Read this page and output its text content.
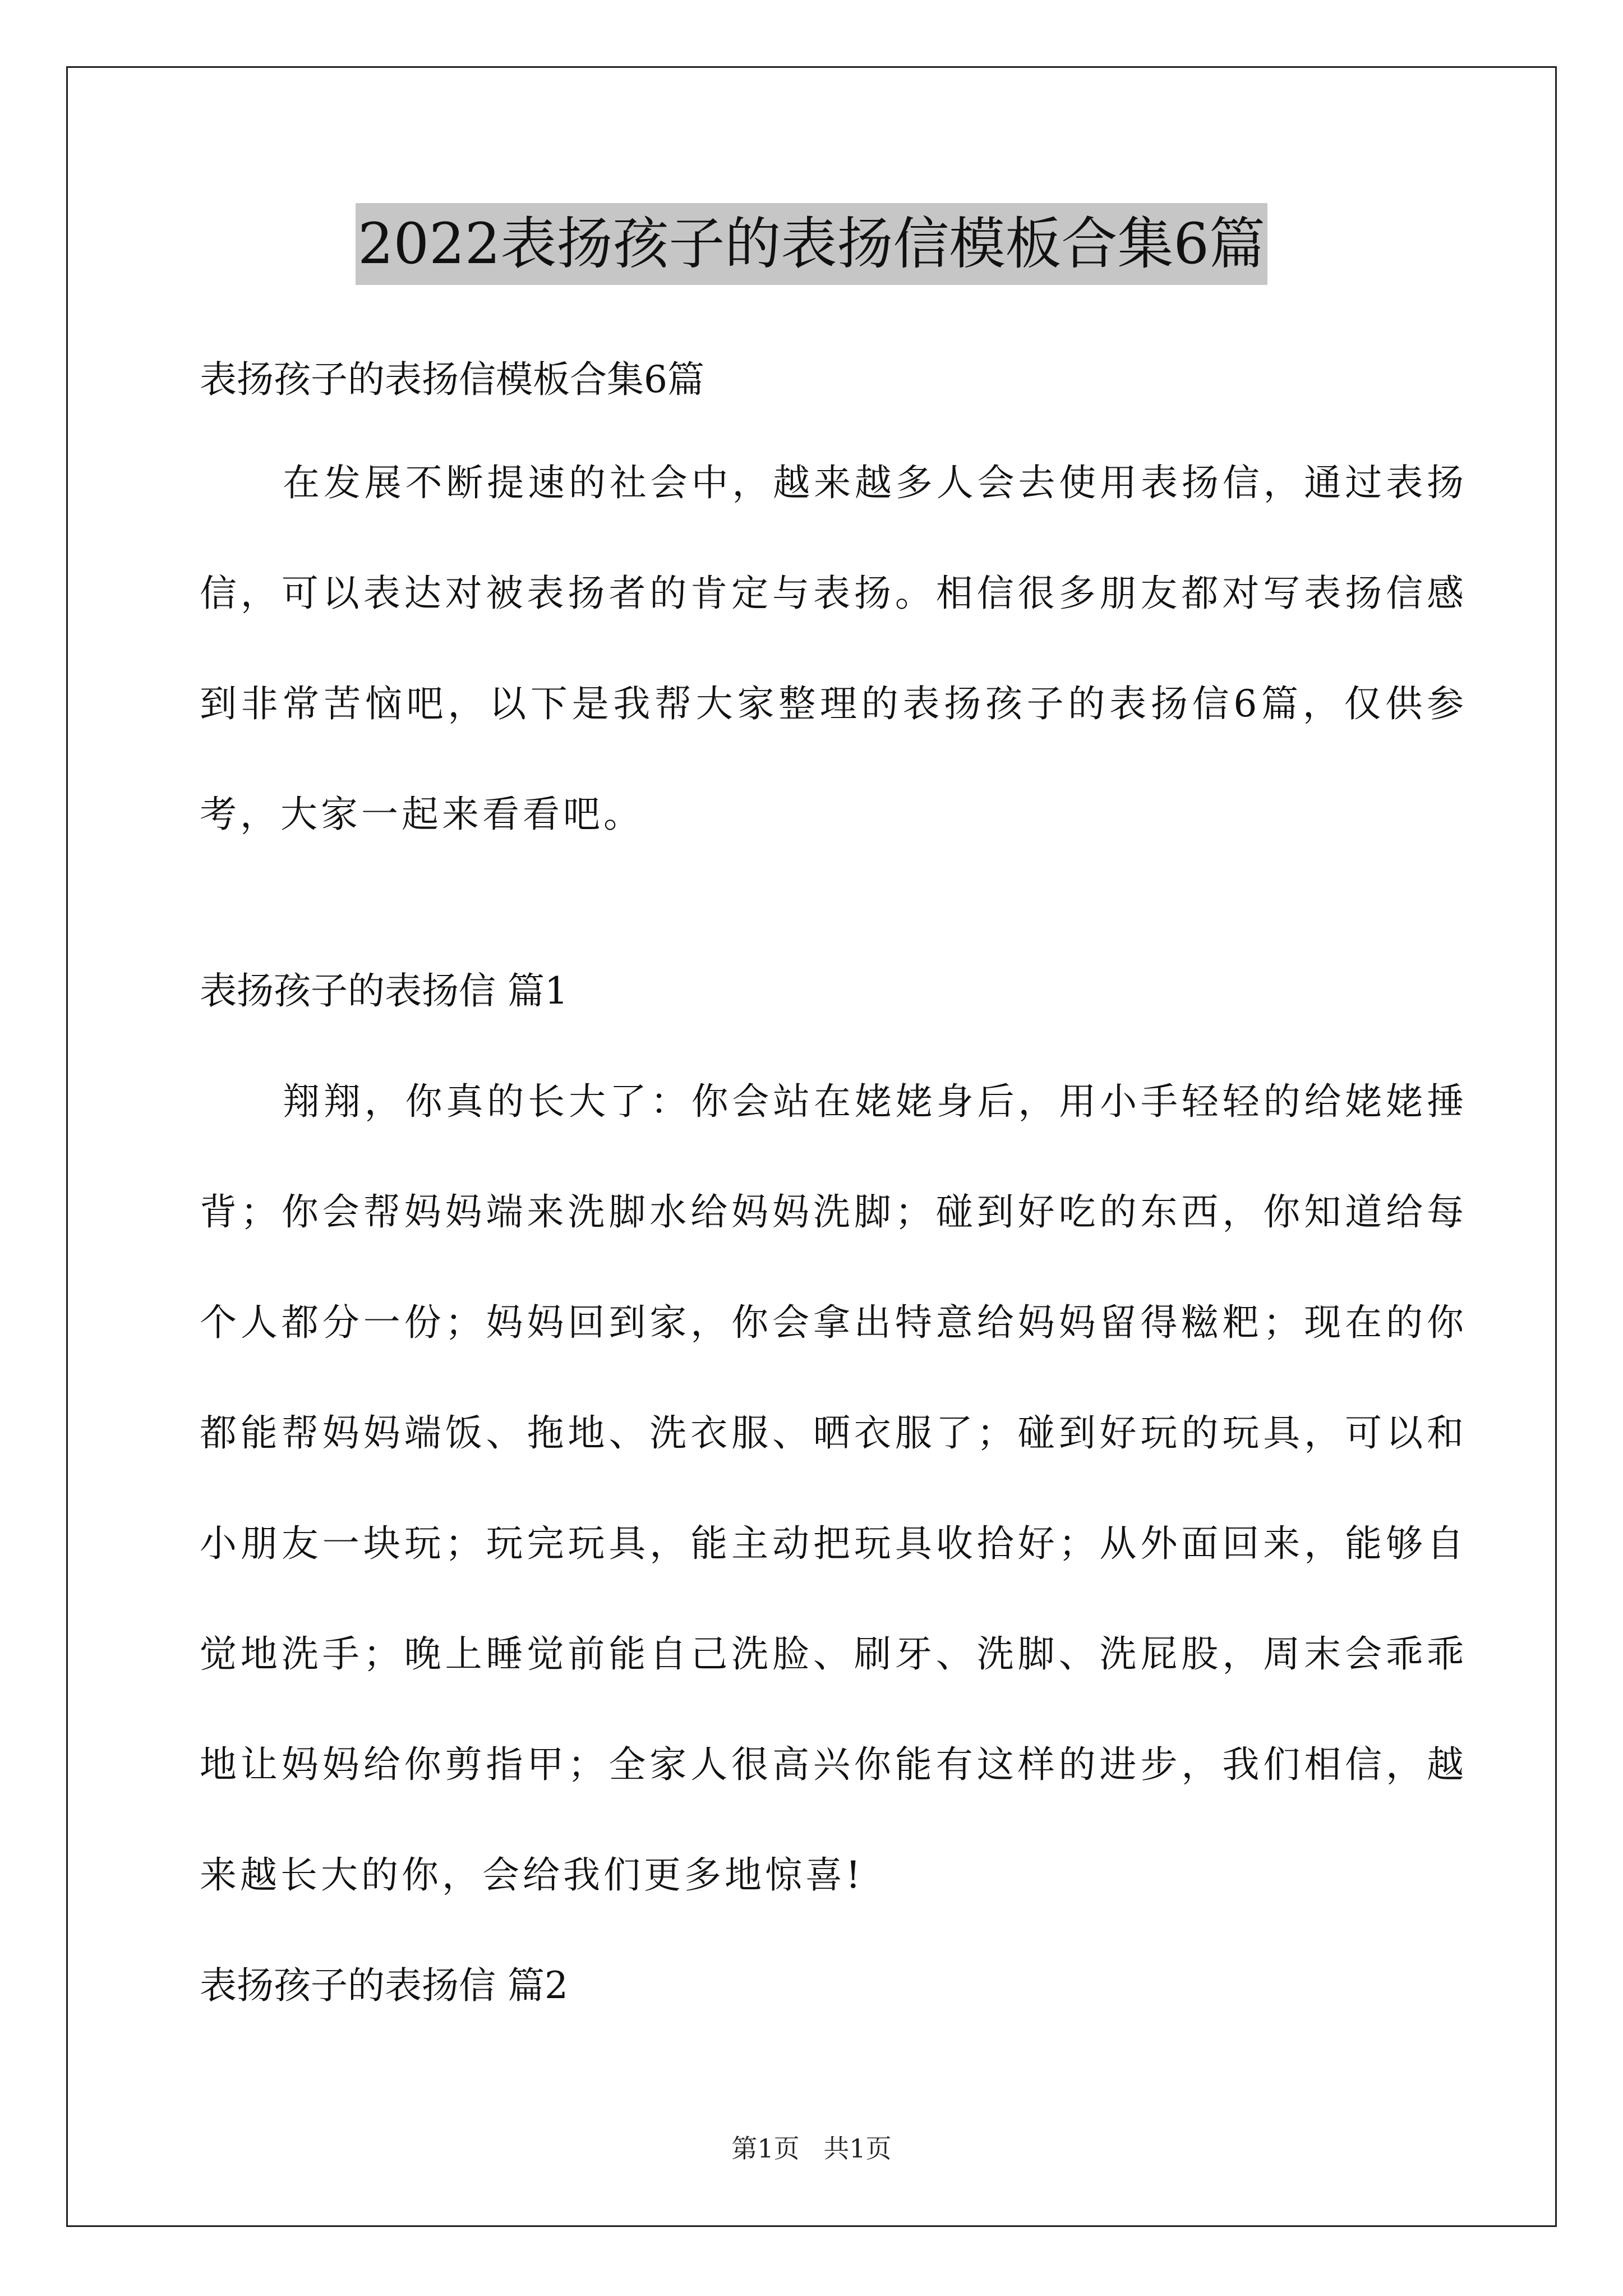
2022表扬孩子的表扬信模板合集6篇

表扬孩子的表扬信模板合集6篇

在发展不断提速的社会中，越来越多人会去使用表扬信，通过表扬信，可以表达对被表扬者的肯定与表扬。相信很多朋友都对写表扬信感到非常苦恼吧，以下是我帮大家整理的表扬孩子的表扬信6篇，仅供参考，大家一起来看看吧。

表扬孩子的表扬信 篇1

翔翔，你真的长大了：你会站在姥姥身后，用小手轻轻的给姥姥捶背；你会帮妈妈端来洗脚水给妈妈洗脚；碰到好吃的东西，你知道给每个人都分一份；妈妈回到家，你会拿出特意给妈妈留得糍粑；现在的你都能帮妈妈端饭、拖地、洗衣服、晒衣服了；碰到好玩的玩具，可以和小朋友一块玩；玩完玩具，能主动把玩具收拾好；从外面回来，能够自觉地洗手；晚上睡觉前能自己洗脸、刷牙、洗脚、洗屁股，周末会乖乖地让妈妈给你剪指甲；全家人很高兴你能有这样的进步，我们相信，越来越长大的你，会给我们更多地惊喜!

表扬孩子的表扬信 篇2

第1页 共1页
